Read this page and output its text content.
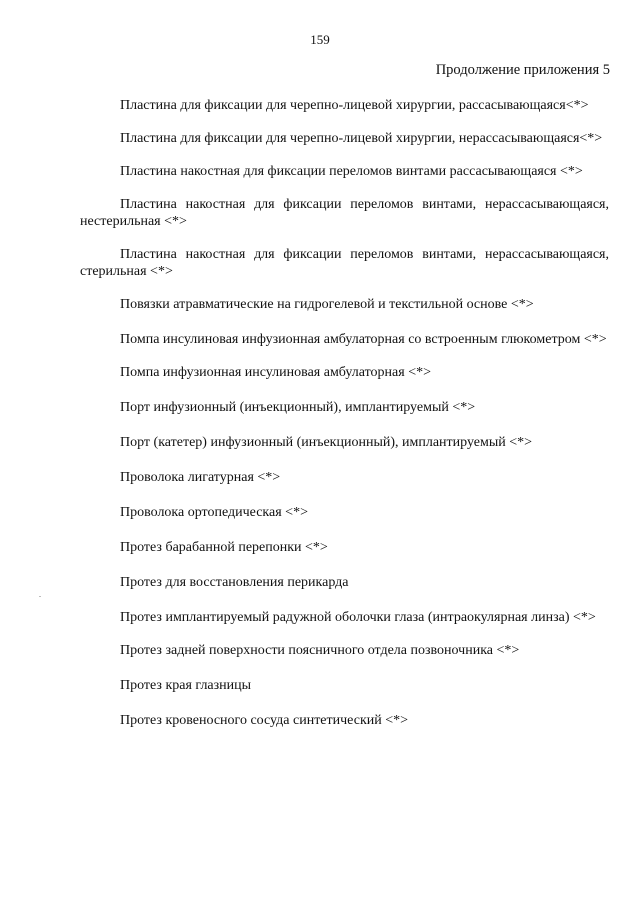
159
Продолжение приложения 5
Пластина для фиксации для черепно-лицевой хирургии, рассасывающаяся<*>
Пластина для фиксации для черепно-лицевой хирургии, нерассасывающаяся<*>
Пластина накостная для фиксации переломов винтами рассасывающаяся <*>
Пластина накостная для фиксации переломов винтами, нерассасывающаяся, нестерильная <*>
Пластина накостная для фиксации переломов винтами, нерассасывающаяся, стерильная <*>
Повязки атравматические на гидрогелевой и текстильной основе <*>
Помпа инсулиновая инфузионная амбулаторная со встроенным глюкометром <*>
Помпа инфузионная инсулиновая амбулаторная <*>
Порт инфузионный (инъекционный), имплантируемый <*>
Порт (катетер) инфузионный (инъекционный), имплантируемый <*>
Проволока лигатурная <*>
Проволока ортопедическая <*>
Протез барабанной перепонки <*>
Протез для восстановления перикарда
Протез имплантируемый радужной оболочки глаза (интраокулярная линза) <*>
Протез задней поверхности поясничного отдела позвоночника <*>
Протез края глазницы
Протез кровеносного сосуда синтетический <*>
